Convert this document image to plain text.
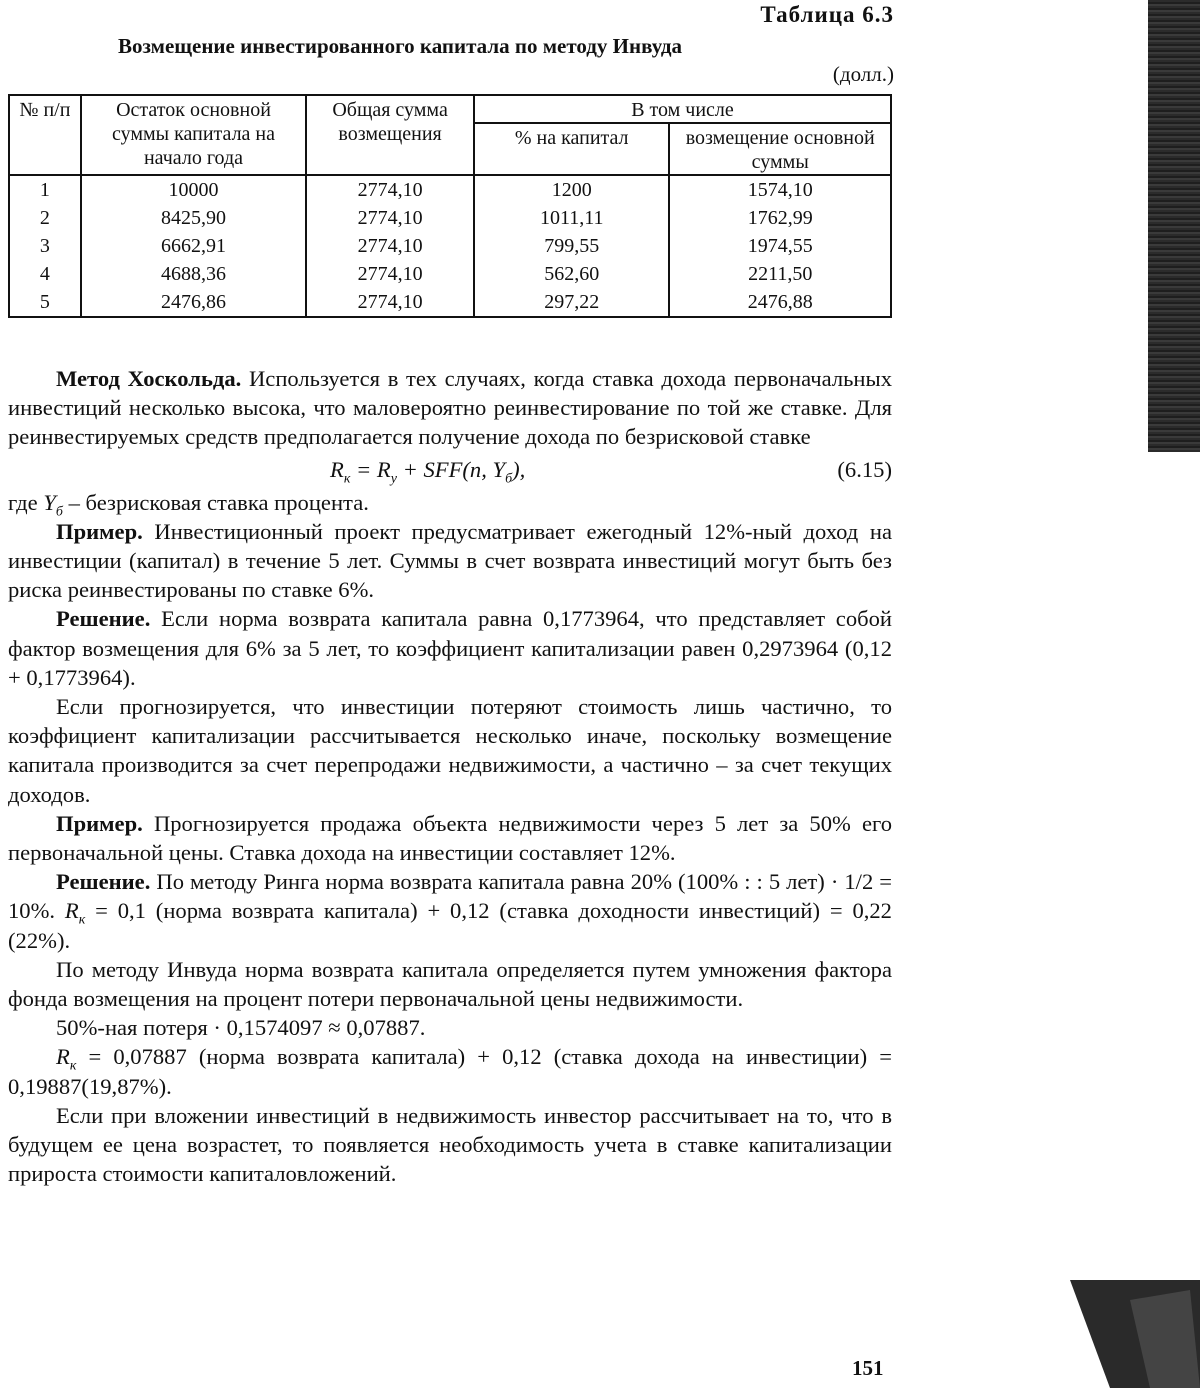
Таблица 6.3
Возмещение инвестированного капитала по методу Инвуда
(долл.)
№ п/п	Остаток основной суммы капитала на начало года	Общая сумма возмещения	В том числе	
			% на капитал	возмещение основной суммы
1	10000	2774,10	1200	1574,10
2	8425,90	2774,10	1011,11	1762,99
3	6662,91	2774,10	799,55	1974,55
4	4688,36	2774,10	562,60	2211,50
5	2476,86	2774,10	297,22	2476,88

Метод Хоскольда. Используется в тех случаях, когда ставка дохода первоначальных инвестиций несколько высока, что маловероятно реинвестирование по той же ставке. Для реинвестируемых средств предполагается получение дохода по безрисковой ставке

$R_к = R_у + SFF(n$, $Y_б$),	(6.15)

где $Y_б$ – безрисковая ставка процента.

Пример. Инвестиционный проект предусматривает ежегодный 12%-ный доход на инвестиции (капитал) в течение 5 лет. Суммы в счет возврата инвестиций могут быть без риска реинвестированы по ставке 6%.

Решение. Если норма возврата капитала равна 0,1773964, что представляет собой фактор возмещения для 6% за 5 лет, то коэффициент капитализации равен 0,2973964 (0,12 + 0,1773964).

Если прогнозируется, что инвестиции потеряют стоимость лишь частично, то коэффициент капитализации рассчитывается несколько иначе, поскольку возмещение капитала производится за счет перепродажи недвижимости, а частично – за счет текущих доходов.

Пример. Прогнозируется продажа объекта недвижимости через 5 лет за 50% его первоначальной цены. Ставка дохода на инвестиции составляет 12%.

Решение. По методу Ринга норма возврата капитала равна 20% (100% : : 5 лет) · 1/2 = 10%. $R_к = 0,1$ (норма возврата капитала) + 0,12 (ставка доходности инвестиций) = 0,22 (22%).

По методу Инвуда норма возврата капитала определяется путем умножения фактора фонда возмещения на процент потери первоначальной цены недвижимости.

50%-ная потеря · 0,1574097 ≈ 0,07887.

$R_к = 0,07887$ (норма возврата капитала) + 0,12 (ставка дохода на инвестиции) = 0,19887(19,87%).

Если при вложении инвестиций в недвижимость инвестор рассчитывает на то, что в будущем ее цена возрастет, то появляется необходимость учета в ставке капитализации прироста стоимости капиталовложений.

151
